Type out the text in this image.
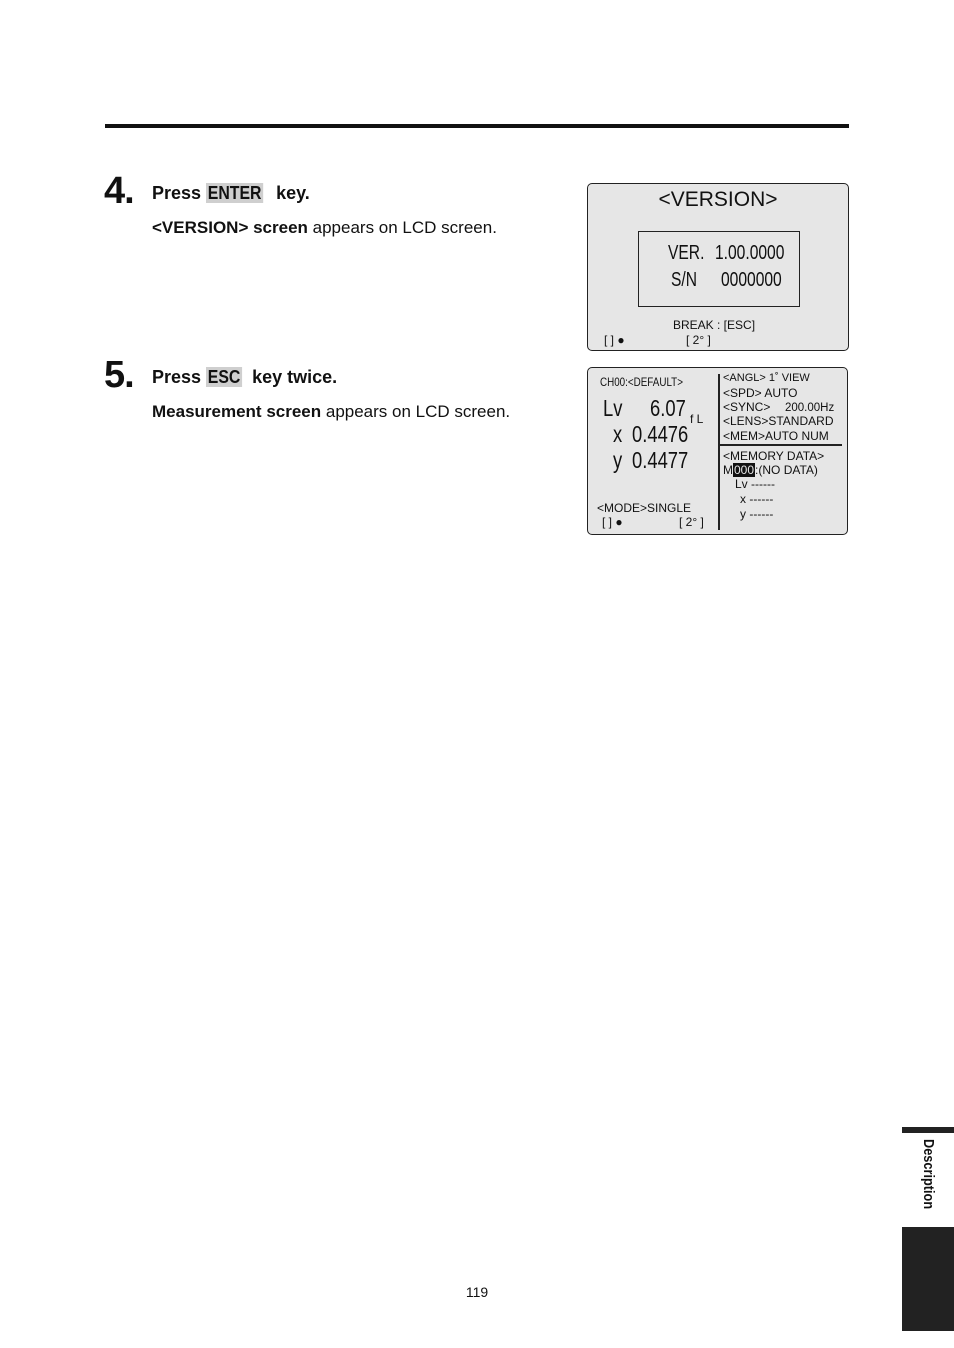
4. Press ENTER key.
<VERSION> screen appears on LCD screen.
<VERSION>
VER. 1.00.0000
S/N 0000000
BREAK : [ESC]
[ ] ●	[ 2° ]
5. Press ESC key twice.
Measurement screen appears on LCD screen.
CH00:<DEFAULT>
Lv 6.07 f L
x 0.4476
y 0.4477
<MODE>SINGLE
[ ] ●	[ 2° ]
<ANGL> 1˚ VIEW
<SPD> AUTO
<SYNC> 200.00Hz
<LENS>STANDARD
<MEM>AUTO NUM
<MEMORY DATA>
M000:(NO DATA)
Lv ------
x ------
y ------
Description
119
